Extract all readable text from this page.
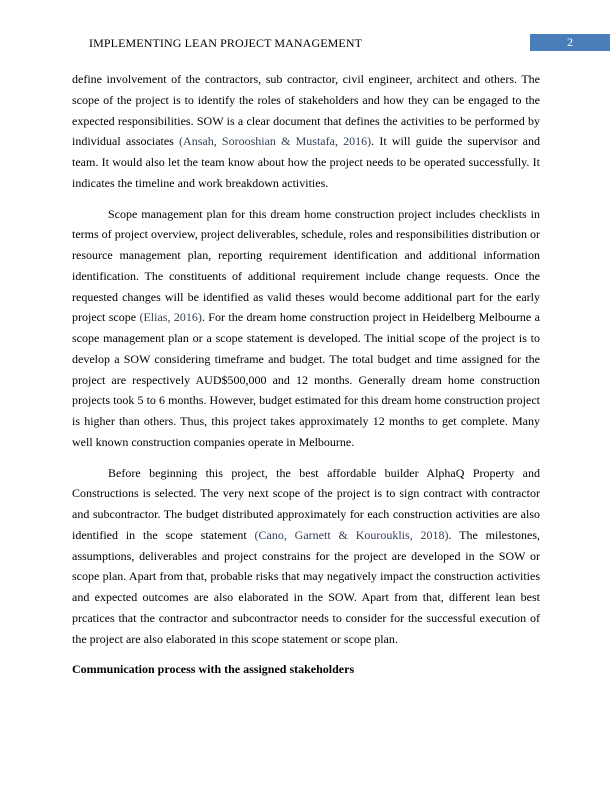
IMPLEMENTING LEAN PROJECT MANAGEMENT	2

define involvement of the contractors, sub contractor, civil engineer, architect and others. The scope of the project is to identify the roles of stakeholders and how they can be engaged to the expected responsibilities. SOW is a clear document that defines the activities to be performed by individual associates (Ansah, Sorooshian & Mustafa, 2016). It will guide the supervisor and team. It would also let the team know about how the project needs to be operated successfully. It indicates the timeline and work breakdown activities.

Scope management plan for this dream home construction project includes checklists in terms of project overview, project deliverables, schedule, roles and responsibilities distribution or resource management plan, reporting requirement identification and additional information identification. The constituents of additional requirement include change requests. Once the requested changes will be identified as valid theses would become additional part for the early project scope (Elias, 2016). For the dream home construction project in Heidelberg Melbourne a scope management plan or a scope statement is developed. The initial scope of the project is to develop a SOW considering timeframe and budget. The total budget and time assigned for the project are respectively AUD$500,000 and 12 months. Generally dream home construction projects took 5 to 6 months. However, budget estimated for this dream home construction project is higher than others. Thus, this project takes approximately 12 months to get complete. Many well known construction companies operate in Melbourne.

Before beginning this project, the best affordable builder AlphaQ Property and Constructions is selected. The very next scope of the project is to sign contract with contractor and subcontractor. The budget distributed approximately for each construction activities are also identified in the scope statement (Cano, Garnett & Kourouklis, 2018). The milestones, assumptions, deliverables and project constrains for the project are developed in the SOW or scope plan. Apart from that, probable risks that may negatively impact the construction activities and expected outcomes are also elaborated in the SOW. Apart from that, different lean best prcatices that the contractor and subcontractor needs to consider for the successful execution of the project are also elaborated in this scope statement or scope plan.

Communication process with the assigned stakeholders
